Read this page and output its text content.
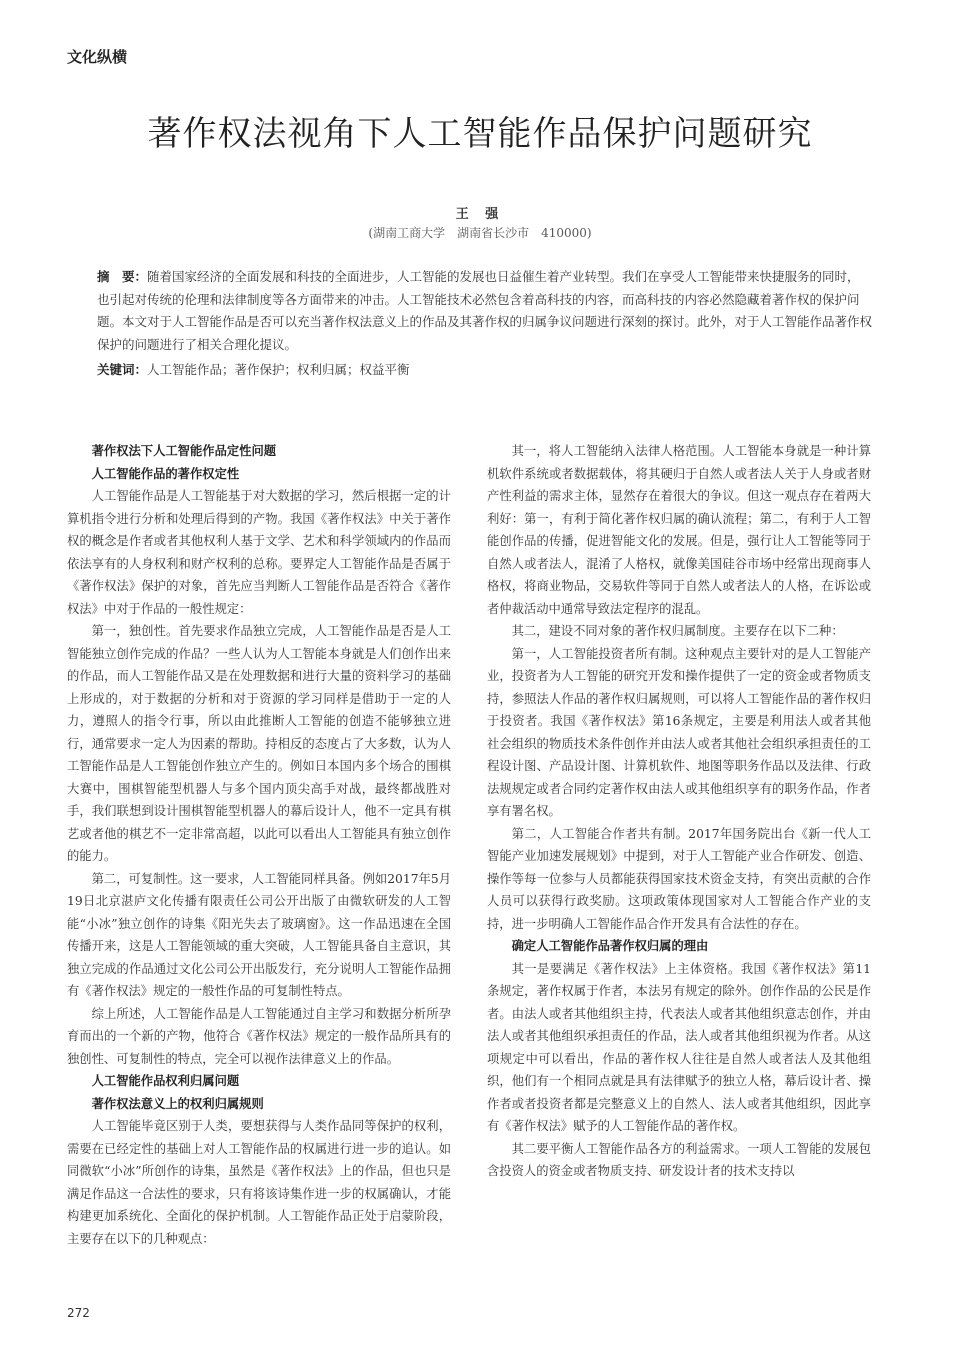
文化纵横
著作权法视角下人工智能作品保护问题研究
王 强
(湖南工商大学　湖南省长沙市　410000)
摘　要：随着国家经济的全面发展和科技的全面进步，人工智能的发展也日益催生着产业转型。我们在享受人工智能带来快捷服务的同时，也引起对传统的伦理和法律制度等各方面带来的冲击。人工智能技术必然包含着高科技的内容，而高科技的内容必然隐藏着著作权的保护问题。本文对于人工智能作品是否可以充当著作权法意义上的作品及其著作权的归属争议问题进行深刻的探讨。此外，对于人工智能作品著作权保护的问题进行了相关合理化提议。
关键词：人工智能作品；著作保护；权利归属；权益平衡
著作权法下人工智能作品定性问题
人工智能作品的著作权定性

人工智能作品是人工智能基于对大数据的学习，然后根据一定的计算机指令进行分析和处理后得到的产物。我国《著作权法》中关于著作权的概念是作者或者其他权利人基于文学、艺术和科学领域内的作品而依法享有的人身权利和财产权利的总称。要界定人工智能作品是否属于《著作权法》保护的对象，首先应当判断人工智能作品是否符合《著作权法》中对于作品的一般性规定：

第一，独创性。首先要求作品独立完成，人工智能作品是否是人工智能独立创作完成的作品？一些人认为人工智能本身就是人们创作出来的作品，而人工智能作品又是在处理数据和进行大量的资料学习的基础上形成的，对于数据的分析和对于资源的学习同样是借助于一定的人力，遵照人的指令行事，所以由此推断人工智能的创造不能够独立进行，通常要求一定人为因素的帮助。持相反的态度占了大多数，认为人工智能作品是人工智能创作独立产生的。例如日本国内多个场合的围棋大赛中，围棋智能型机器人与多个国内顶尖高手对战，最终都战胜对手，我们联想到设计围棋智能型机器人的幕后设计人，他不一定具有棋艺或者他的棋艺不一定非常高超，以此可以看出人工智能具有独立创作的能力。

第二，可复制性。这一要求，人工智能同样具备。例如2017年5月19日北京湛庐文化传播有限责任公司公开出版了由微软研发的人工智能“小冰”独立创作的诗集《阳光失去了玻璃窗》。这一作品迅速在全国传播开来，这是人工智能领域的重大突破，人工智能具备自主意识，其独立完成的作品通过文化公司公开出版发行，充分说明人工智能作品拥有《著作权法》规定的一般性作品的可复制性特点。

综上所述，人工智能作品是人工智能通过自主学习和数据分析所孕育而出的一个新的产物，他符合《著作权法》规定的一般作品所具有的独创性、可复制性的特点，完全可以视作法律意义上的作品。

人工智能作品权利归属问题
著作权法意义上的权利归属规则

人工智能毕竟区别于人类，要想获得与人类作品同等保护的权利，需要在已经定性的基础上对人工智能作品的权属进行进一步的追认。如同微软“小冰”所创作的诗集，虽然是《著作权法》上的作品，但也只是满足作品这一合法性的要求，只有将该诗集作进一步的权属确认，才能构建更加系统化、全面化的保护机制。人工智能作品正处于启蒙阶段，主要存在以下的几种观点：

其一，将人工智能纳入法律人格范围。人工智能本身就是一种计算机软件系统或者数据载体，将其硬归于自然人或者法人关于人身或者财产性利益的需求主体，显然存在着很大的争议。但这一观点存在着两大利好：第一，有利于简化著作权归属的确认流程；第二，有利于人工智能创作品的传播，促进智能文化的发展。但是，强行让人工智能等同于自然人或者法人，混淆了人格权，就像美国硅谷市场中经常出现商事人格权，将商业物品，交易软件等同于自然人或者法人的人格，在诉讼或者仲裁活动中通常导致法定程序的混乱。

其二，建设不同对象的著作权归属制度。主要存在以下二种：

第一，人工智能投资者所有制。这种观点主要针对的是人工智能产业，投资者为人工智能的研究开发和操作提供了一定的资金或者物质支持，参照法人作品的著作权归属规则，可以将人工智能作品的著作权归于投资者。我国《著作权法》第16条规定，主要是利用法人或者其他社会组织的物质技术条件创作并由法人或者其他社会组织承担责任的工程设计图、产品设计图、计算机软件、地图等职务作品以及法律、行政法规规定或者合同约定著作权由法人或其他组织享有的职务作品，作者享有署名权。

第二，人工智能合作者共有制。2017年国务院出台《新一代人工智能产业加速发展规划》中提到，对于人工智能产业合作研发、创造、操作等每一位参与人员都能获得国家技术资金支持，有突出贡献的合作人员可以获得行政奖励。这项政策体现国家对人工智能合作产业的支持，进一步明确人工智能作品合作开发具有合法性的存在。

确定人工智能作品著作权归属的理由

其一是要满足《著作权法》上主体资格。我国《著作权法》第11条规定，著作权属于作者，本法另有规定的除外。创作作品的公民是作者。由法人或者其他组织主持，代表法人或者其他组织意志创作，并由法人或者其他组织承担责任的作品，法人或者其他组织视为作者。从这项规定中可以看出，作品的著作权人往往是自然人或者法人及其他组织，他们有一个相同点就是具有法律赋予的独立人格，幕后设计者、操作者或者投资者都是完整意义上的自然人、法人或者其他组织，因此享有《著作权法》赋予的人工智能作品的著作权。

其二要平衡人工智能作品各方的利益需求。一项人工智能的发展包含投资人的资金或者物质支持、研发设计者的技术支持以

272
